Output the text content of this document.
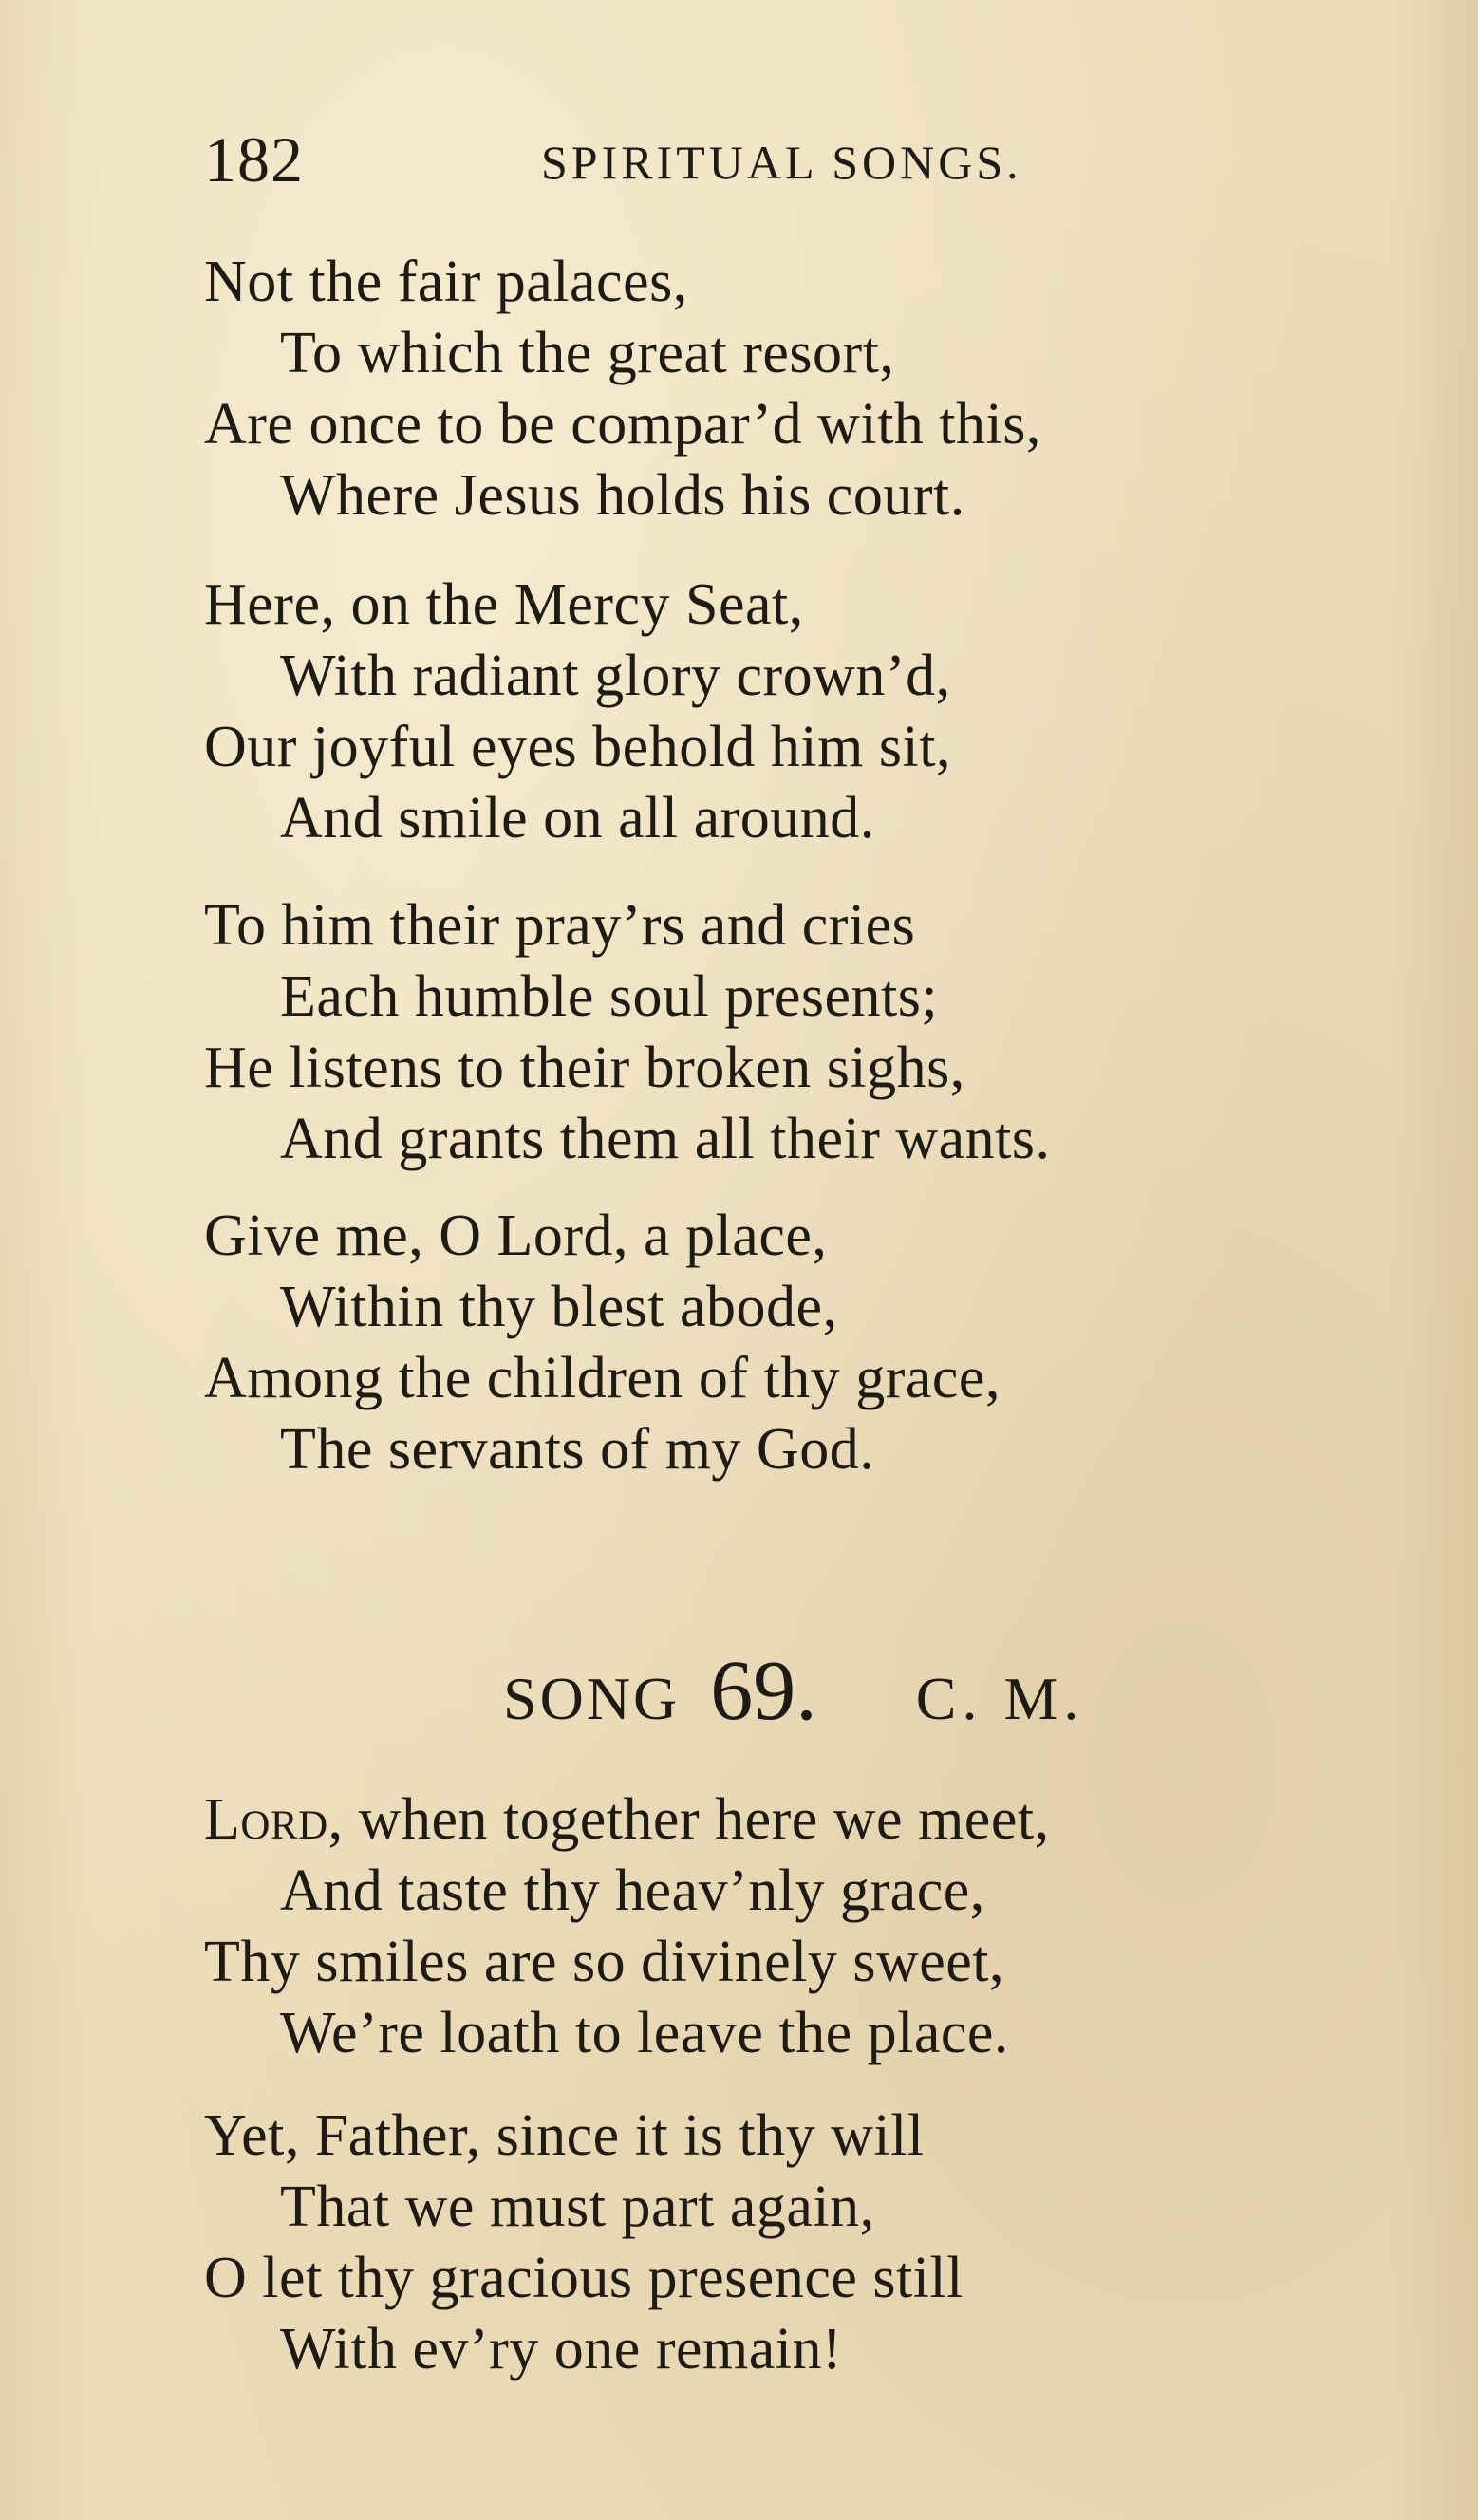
182	SPIRITUAL SONGS.
Not the fair palaces,
To which the great resort,
Are once to be compar’d with this,
Where Jesus holds his court.
Here, on the Mercy Seat,
With radiant glory crown’d,
Our joyful eyes behold him sit,
And smile on all around.
To him their pray’rs and cries
Each humble soul presents;
He listens to their broken sighs,
And grants them all their wants.
Give me, O Lord, a place,
Within thy blest abode,
Among the children of thy grace,
The servants of my God.
SONG 69. C. M.
Lord, when together here we meet,
And taste thy heav’nly grace,
Thy smiles are so divinely sweet,
We’re loath to leave the place.
Yet, Father, since it is thy will
That we must part again,
O let thy gracious presence still
With ev’ry one remain!
